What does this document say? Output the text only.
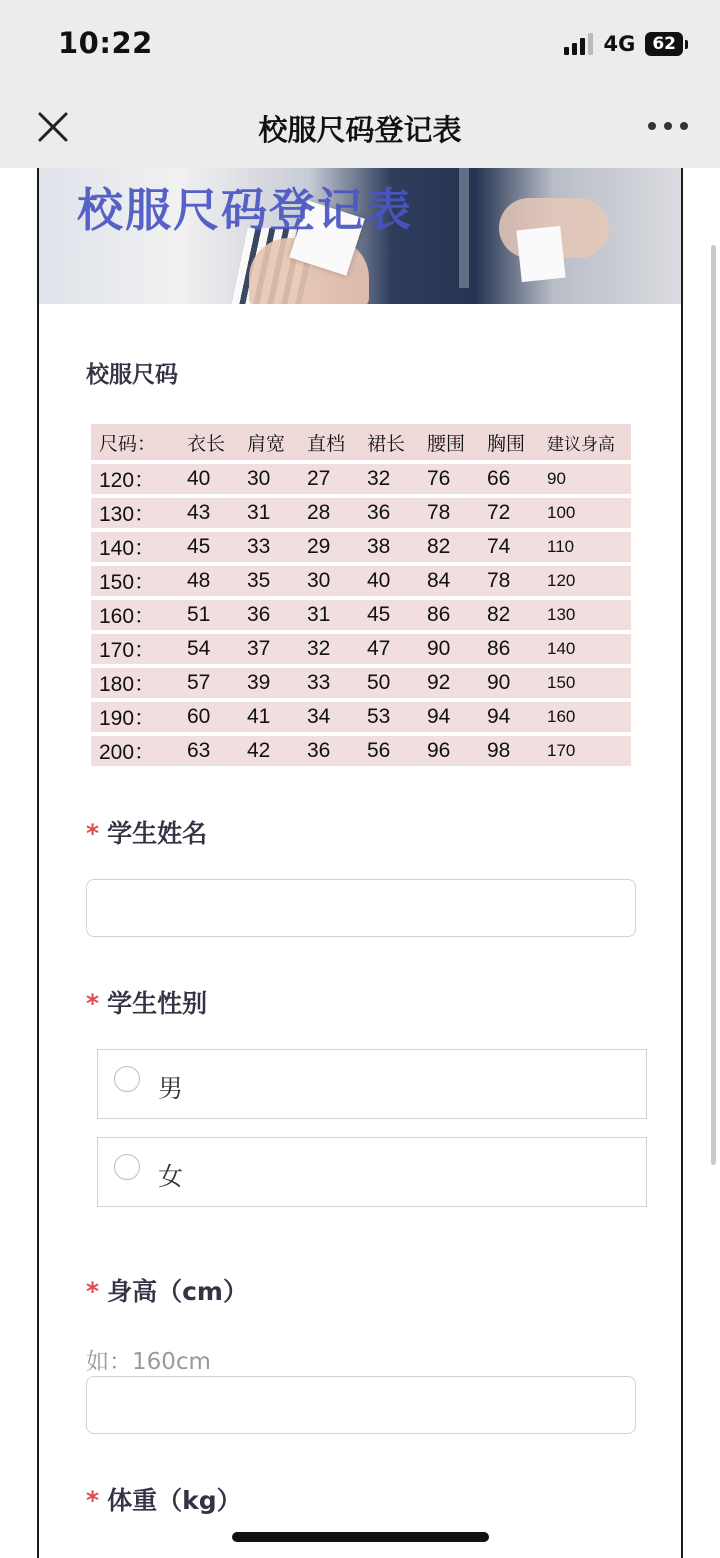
10:22	4G	62
校服尺码登记表
校服尺码登记表
校服尺码
尺码：	衣长	肩宽	直档	裙长	腰围	胸围	建议身高
120：	40	30	27	32	76	66	90
130：	43	31	28	36	78	72	100
140：	45	33	29	38	82	74	110
150：	48	35	30	40	84	78	120
160：	51	36	31	45	86	82	130
170：	54	37	32	47	90	86	140
180：	57	39	33	50	92	90	150
190：	60	41	34	53	94	94	160
200：	63	42	36	56	96	98	170
* 学生姓名
* 学生性别
男
女
* 身高（cm）
如：160cm
* 体重（kg）
